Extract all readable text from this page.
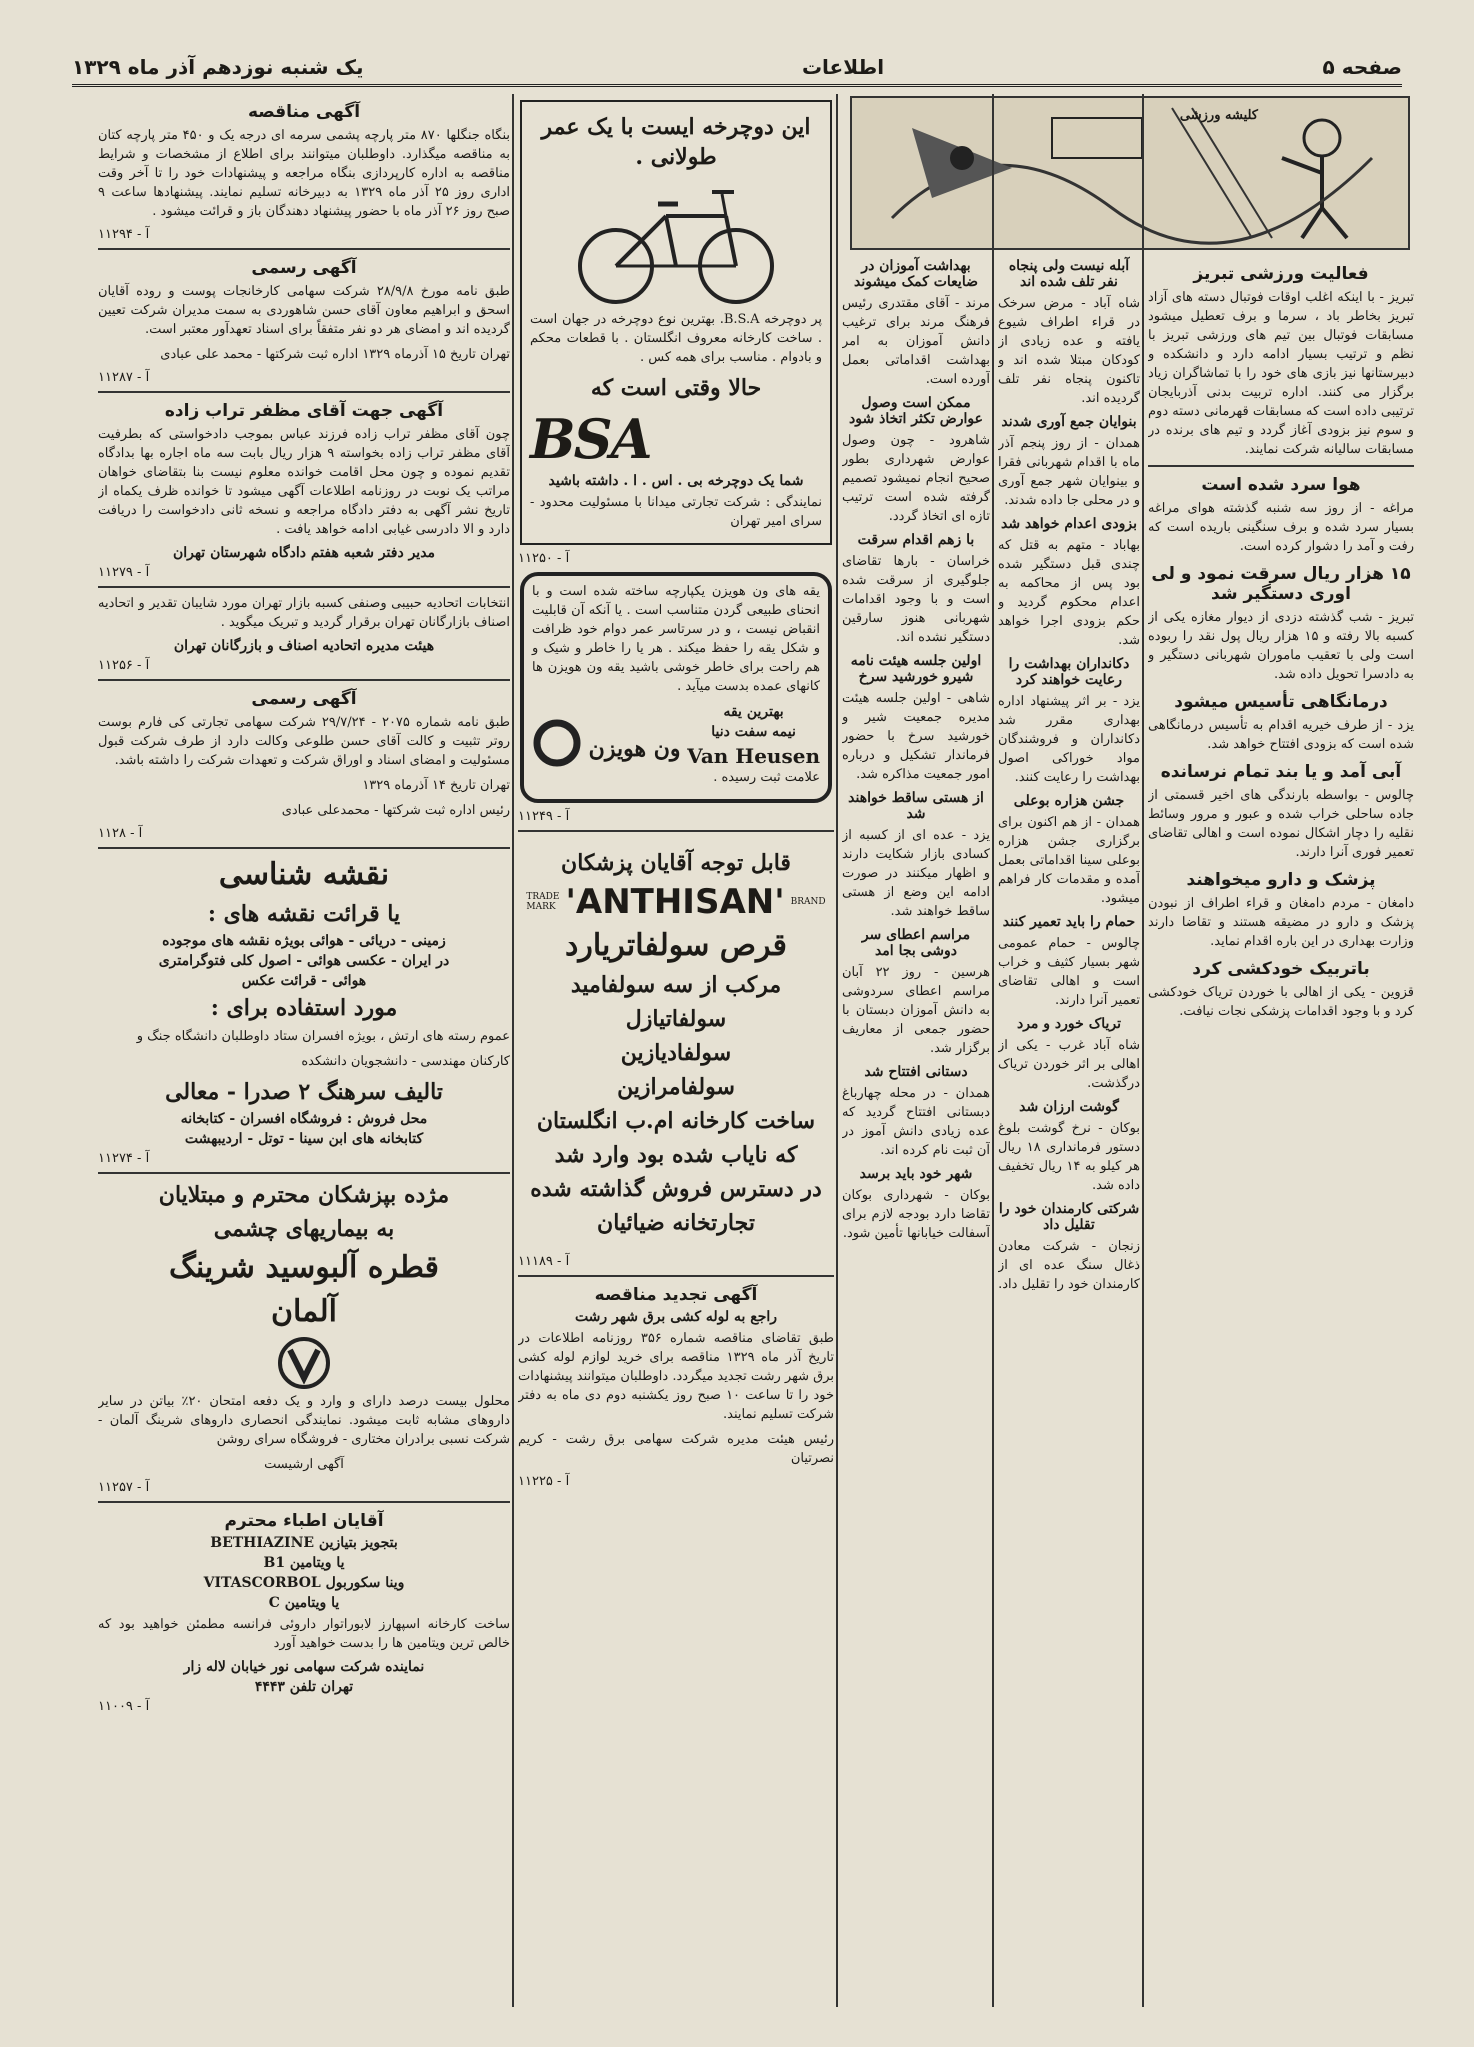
صفحه ۵
اطلاعات
یک شنبه نوزدهم آذر ماه ۱۳۲۹
کلیشه ورزشی
فعالیت ورزشی تبریز

تبریز - با اینکه اغلب اوقات فوتبال دسته های آزاد تبریز بخاطر باد ، سرما و برف تعطیل میشود مسابقات فوتبال بین تیم های ورزشی تبریز با نظم و ترتیب بسیار ادامه دارد و دانشکده و دبیرستانها نیز بازی های خود را با تماشاگران زیاد برگزار می کنند. اداره تربیت بدنی آذربایجان ترتیبی داده است که مسابقات قهرمانی دسته دوم و سوم نیز بزودی آغاز گردد و تیم های برنده در مسابقات سالیانه شرکت نمایند.

هوا سرد شده است

مراغه - از روز سه شنبه گذشته هوای مراغه بسیار سرد شده و برف سنگینی باریده است که رفت و آمد را دشوار کرده است.

۱۵ هزار ریال سرقت نمود و لی اوری دستگیر شد

تبریز - شب گذشته دزدی از دیوار مغازه یکی از کسبه بالا رفته و ۱۵ هزار ریال پول نقد را ربوده است ولی با تعقیب ماموران شهربانی دستگیر و به دادسرا تحویل داده شد.

درمانگاهی تأسیس میشود

یزد - از طرف خیریه اقدام به تأسیس درمانگاهی شده است که بزودی افتتاح خواهد شد.

آبی آمد و یا بند تمام نرسانده

چالوس - بواسطه بارندگی های اخیر قسمتی از جاده ساحلی خراب شده و عبور و مرور وسائط نقلیه را دچار اشکال نموده است و اهالی تقاضای تعمیر فوری آنرا دارند.

پزشک و دارو میخواهند

دامغان - مردم دامغان و قراء اطراف از نبودن پزشک و دارو در مضیقه هستند و تقاضا دارند وزارت بهداری در این باره اقدام نماید.

باتربیک خودکشی کرد

قزوین - یکی از اهالی با خوردن تریاک خودکشی کرد و با وجود اقدامات پزشکی نجات نیافت.

آبله نیست ولی پنجاه نفر تلف شده اند

شاه آباد - مرض سرخک در قراء اطراف شیوع یافته و عده زیادی از کودکان مبتلا شده اند و تاکنون پنجاه نفر تلف گردیده اند.

بنوایان جمع آوری شدند

همدان - از روز پنجم آذر ماه با اقدام شهربانی فقرا و بینوایان شهر جمع آوری و در محلی جا داده شدند.

بزودی اعدام خواهد شد

بهاباد - متهم به قتل که چندی قبل دستگیر شده بود پس از محاکمه به اعدام محکوم گردید و حکم بزودی اجرا خواهد شد.

دکانداران بهداشت را رعایت خواهند کرد

یزد - بر اثر پیشنهاد اداره بهداری مقرر شد دکانداران و فروشندگان مواد خوراکی اصول بهداشت را رعایت کنند.

جشن هزاره بوعلی

همدان - از هم اکنون برای برگزاری جشن هزاره بوعلی سینا اقداماتی بعمل آمده و مقدمات کار فراهم میشود.

حمام را باید تعمیر کنند

چالوس - حمام عمومی شهر بسیار کثیف و خراب است و اهالی تقاضای تعمیر آنرا دارند.

تریاک خورد و مرد

شاه آباد غرب - یکی از اهالی بر اثر خوردن تریاک درگذشت.

گوشت ارزان شد

بوکان - نرخ گوشت بلوغ دستور فرمانداری ۱۸ ریال هر کیلو به ۱۴ ریال تخفیف داده شد.

شرکتی کارمندان خود را تقلیل داد

زنجان - شرکت معادن ذغال سنگ عده ای از کارمندان خود را تقلیل داد.

بهداشت آموزان در ضایعات کمک میشوند

مرند - آقای مقتدری رئیس فرهنگ مرند برای ترغیب دانش آموزان به امر بهداشت اقداماتی بعمل آورده است.

ممکن است وصول عوارض تکثر اتخاذ شود

شاهرود - چون وصول عوارض شهرداری بطور صحیح انجام نمیشود تصمیم گرفته شده است ترتیب تازه ای اتخاذ گردد.

با زهم اقدام سرقت

خراسان - بارها تقاضای جلوگیری از سرقت شده است و با وجود اقدامات شهربانی هنوز سارقین دستگیر نشده اند.

اولین جلسه هیئت نامه شیرو خورشید سرخ

شاهی - اولین جلسه هیئت مدیره جمعیت شیر و خورشید سرخ با حضور فرماندار تشکیل و درباره امور جمعیت مذاکره شد.

از هستی ساقط خواهند شد

یزد - عده ای از کسبه از کسادی بازار شکایت دارند و اظهار میکنند در صورت ادامه این وضع از هستی ساقط خواهند شد.

مراسم اعطای سر دوشی بجا امد

هرسین - روز ۲۲ آبان مراسم اعطای سردوشی به دانش آموزان دبستان با حضور جمعی از معاریف برگزار شد.

دستانی افتتاح شد

همدان - در محله چهارباغ دبستانی افتتاح گردید که عده زیادی دانش آموز در آن ثبت نام کرده اند.

شهر خود باید برسد

بوکان - شهرداری بوکان تقاضا دارد بودجه لازم برای آسفالت خیابانها تأمین شود.

این دوچرخه ایست با یک عمر طولانی .

پر دوچرخه B.S.A. بهترین نوع دوچرخه در جهان است . ساخت کارخانه معروف انگلستان . با قطعات محکم و بادوام . مناسب برای همه کس .

حالا وقتی است که
BSA
شما یک دوچرخه بی . اس . ا . داشته باشید

نمایندگی : شرکت تجارتی میدانا با مسئولیت محدود - سرای امیر تهران

آ - ۱۱۲۵۰

یقه های ون هویزن یکپارچه ساخته شده است و با انحنای طبیعی گردن متناسب است . یا آنکه آن قابلیت انقباض نیست ، و در سرتاسر عمر دوام خود ظرافت و شکل یقه را حفظ میکند . هر یا را خاطر و شیک و هم راحت برای خاطر خوشی باشید یقه ون هویزن ها کانهای عمده بدست میآید .

بهترین یقه
نیمه سفت دنیا
Van Heusen
ون هویزن
علامت ثبت رسیده .
آ - ۱۱۲۴۹
قابل توجه آقایان پزشکان
TRADE MARK 'ANTHISAN' BRAND
قرص سولفاتریارد
مرکب از سه سولفامید
سولفاتیازل
سولفادیازین
سولفامرازین
ساخت کارخانه ام.ب انگلستان
که نایاب شده بود وارد شد
در دسترس فروش گذاشته شده
تجارتخانه ضیائیان
آ - ۱۱۱۸۹
آگهی تجدید مناقصه
راجع به لوله کشی برق شهر رشت

طبق تقاضای مناقصه شماره ۳۵۶ روزنامه اطلاعات در تاریخ آذر ماه ۱۳۲۹ مناقصه برای خرید لوازم لوله کشی برق شهر رشت تجدید میگردد. داوطلبان میتوانند پیشنهادات خود را تا ساعت ۱۰ صبح روز یکشنبه دوم دی ماه به دفتر شرکت تسلیم نمایند.

رئیس هیئت مدیره شرکت سهامی برق رشت - کریم نصرتیان

آ - ۱۱۲۲۵
آگهی مناقصه

بنگاه جنگلها ۸۷۰ متر پارچه پشمی سرمه ای درجه یک و ۴۵۰ متر پارچه کتان به مناقصه میگذارد. داوطلبان میتوانند برای اطلاع از مشخصات و شرایط مناقصه به اداره کارپردازی بنگاه مراجعه و پیشنهادات خود را تا آخر وقت اداری روز ۲۵ آذر ماه ۱۳۲۹ به دبیرخانه تسلیم نمایند. پیشنهادها ساعت ۹ صبح روز ۲۶ آذر ماه با حضور پیشنهاد دهندگان باز و قرائت میشود .

آ - ۱۱۲۹۴
آگهی رسمی

طبق نامه مورخ ۲۸/۹/۸ شرکت سهامی کارخانجات پوست و روده آقایان اسحق و ابراهیم معاون آقای حسن شاهوردی به سمت مدیران شرکت تعیین گردیده اند و امضای هر دو نفر متفقاً برای اسناد تعهدآور معتبر است.

تهران تاریخ ۱۵ آذرماه ۱۳۲۹ اداره ثبت شرکتها - محمد علی عبادی

آ - ۱۱۲۸۷
آگهی جهت آقای مظفر تراب زاده

چون آقای مظفر تراب زاده فرزند عباس بموجب دادخواستی که بطرفیت آقای مظفر تراب زاده بخواسته ۹ هزار ریال بابت سه ماه اجاره بها بدادگاه تقدیم نموده و چون محل اقامت خوانده معلوم نیست بنا بتقاضای خواهان مراتب یک نوبت در روزنامه اطلاعات آگهی میشود تا خوانده ظرف یکماه از تاریخ نشر آگهی به دفتر دادگاه مراجعه و نسخه ثانی دادخواست را دریافت دارد و الا دادرسی غیابی ادامه خواهد یافت .

مدیر دفتر شعبه هفتم دادگاه شهرستان تهران
آ - ۱۱۲۷۹

انتخابات اتحادیه حبیبی وصنفی کسبه بازار تهران مورد شایبان تقدیر و اتحادیه اصناف بازارگانان تهران برقرار گردید و تبریک میگوید .

هیئت مدیره اتحادیه اصناف و بازرگانان تهران
آ - ۱۱۲۵۶
آگهی رسمی

طبق نامه شماره ۲۰۷۵ - ۲۹/۷/۲۴ شرکت سهامی تجارتی کی فارم بوست روتر تثبیت و کالت آقای حسن طلوعی وکالت دارد از طرف شرکت قبول مسئولیت و امضای اسناد و اوراق شرکت و تعهدات شرکت را داشته باشد.

تهران تاریخ ۱۴ آذرماه ۱۳۲۹

رئیس اداره ثبت شرکتها - محمدعلی عبادی

آ - ۱۱۲۸
نقشه شناسی
یا قرائت نقشه های :
زمینی - دریائی - هوائی بویژه نقشه های موجوده
در ایران - عکسی هوائی - اصول کلی فتوگرامتری
هوائی - قرائت عکس
مورد استفاده برای :

عموم رسته های ارتش ، بویژه افسران ستاد داوطلبان دانشگاه جنگ و

کارکنان مهندسی - دانشجویان دانشکده

تالیف سرهنگ ۲ صدرا - معالی
محل فروش : فروشگاه افسران - کتابخانه
کتابخانه های ابن سینا - توتل - اردیبهشت
آ - ۱۱۲۷۴
مژده بپزشکان محترم و مبتلایان
به بیماریهای چشمی
قطره آلبوسید شرینگ
آلمان

محلول بیست درصد دارای و وارد و یک دفعه امتحان ۲۰٪ بیاتن در سایر داروهای مشابه ثابت میشود. نمایندگی انحصاری داروهای شرینگ آلمان - شرکت نسبی برادران مختاری - فروشگاه سرای روشن

آگهی ارشیست
آ - ۱۱۲۵۷
آقایان اطباء محترم
بتجویز بتیازین BETHIAZINE
یا ویتامین B1
وینا سکوربول VITASCORBOL
یا ویتامین C

ساخت کارخانه اسپهارز لابوراتوار داروئی فرانسه مطمئن خواهید بود که خالص ترین ویتامین ها را بدست خواهید آورد

نماینده شرکت سهامی نور خیابان لاله زار
تهران تلفن ۴۴۴۳
آ - ۱۱۰۰۹
